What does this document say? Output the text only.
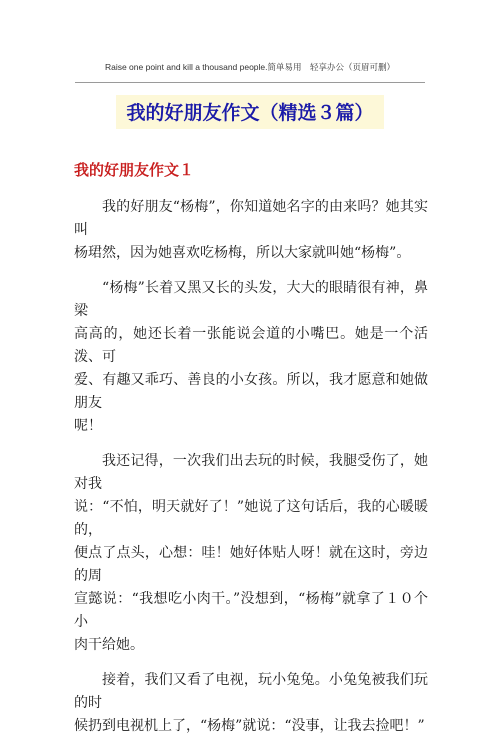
Raise one point and kill a thousand people.简单易用　轻享办公（页眉可删）
我的好朋友作文（精选３篇）
我的好朋友作文１

我的好朋友“杨梅”，你知道她名字的由来吗？她其实叫
杨珺然，因为她喜欢吃杨梅，所以大家就叫她“杨梅”。

“杨梅”长着又黑又长的头发，大大的眼睛很有神，鼻梁
高高的，她还长着一张能说会道的小嘴巴。她是一个活泼、可
爱、有趣又乖巧、善良的小女孩。所以，我才愿意和她做朋友
呢！

我还记得，一次我们出去玩的时候，我腿受伤了，她对我
说：“不怕，明天就好了！”她说了这句话后，我的心暖暖的，
便点了点头，心想：哇！她好体贴人呀！就在这时，旁边的周
宣懿说：“我想吃小肉干。”没想到，“杨梅”就拿了１０个小
肉干给她。

接着，我们又看了电视，玩小兔兔。小兔兔被我们玩的时
候扔到电视机上了，“杨梅”就说：“没事，让我去捡吧！”
